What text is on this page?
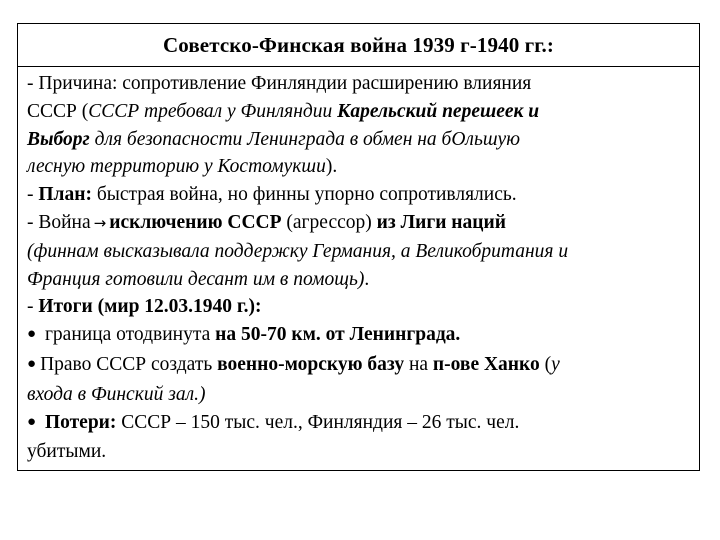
Советско-Финская война 1939 г-1940 гг.:
- Причина: сопротивление Финляндии расширению влияния
СССР (СССР требовал у Финляндии Карельский перешеек и
Выборг для безопасности Ленинграда в обмен на бОльшую
лесную территорию у Костомукши).
- План: быстрая война, но финны упорно сопротивлялись.
- Война → исключению СССР (агрессор) из Лиги наций
(финнам высказывала поддержку Германия, а Великобритания и
Франция готовили десант им в помощь).
- Итоги (мир 12.03.1940 г.):
● граница отодвинута на 50-70 км. от Ленинграда.
● Право СССР создать военно-морскую базу на п-ове Ханко (у
входа в Финский зал.)
● Потери: СССР – 150 тыс. чел., Финляндия – 26 тыс. чел.
убитыми.
